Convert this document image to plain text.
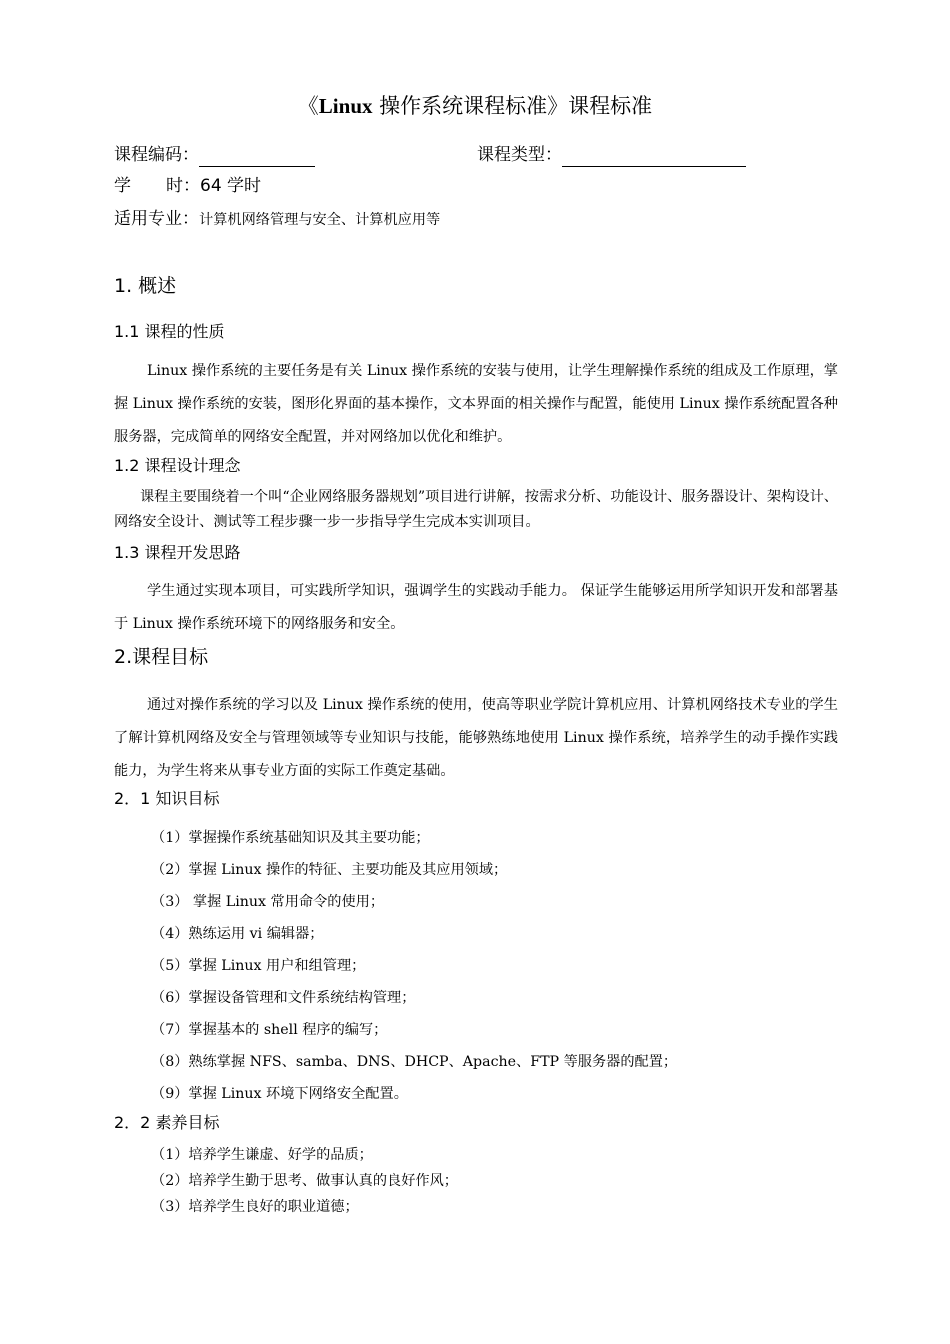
《Linux 操作系统课程标准》课程标准
课程编码：	课程类型：
学 时：64 学时
适用专业：计算机网络管理与安全、计算机应用等
1. 概述
1.1 课程的性质
Linux 操作系统的主要任务是有关 Linux 操作系统的安装与使用，让学生理解操作系统的组成及工作原理，掌握 Linux 操作系统的安装，图形化界面的基本操作，文本界面的相关操作与配置，能使用 Linux 操作系统配置各种服务器，完成简单的网络安全配置，并对网络加以优化和维护。
1.2 课程设计理念
课程主要围绕着一个叫“企业网络服务器规划”项目进行讲解，按需求分析、功能设计、服务器设计、架构设计、网络安全设计、测试等工程步骤一步一步指导学生完成本实训项目。
1.3 课程开发思路
学生通过实现本项目，可实践所学知识，强调学生的实践动手能力。 保证学生能够运用所学知识开发和部署基于 Linux 操作系统环境下的网络服务和安全。
2.课程目标
通过对操作系统的学习以及 Linux 操作系统的使用，使高等职业学院计算机应用、计算机网络技术专业的学生了解计算机网络及安全与管理领域等专业知识与技能，能够熟练地使用 Linux 操作系统，培养学生的动手操作实践能力，为学生将来从事专业方面的实际工作奠定基础。
2．1 知识目标
（1）掌握操作系统基础知识及其主要功能；
（2）掌握 Linux 操作的特征、主要功能及其应用领域；
（3） 掌握 Linux 常用命令的使用；
（4）熟练运用 vi 编辑器；
（5）掌握 Linux 用户和组管理；
（6）掌握设备管理和文件系统结构管理；
（7）掌握基本的 shell 程序的编写；
（8）熟练掌握 NFS、samba、DNS、DHCP、Apache、FTP 等服务器的配置；
（9）掌握 Linux 环境下网络安全配置。
2．2 素养目标
（1）培养学生谦虚、好学的品质；
（2）培养学生勤于思考、做事认真的良好作风；
（3）培养学生良好的职业道德；
